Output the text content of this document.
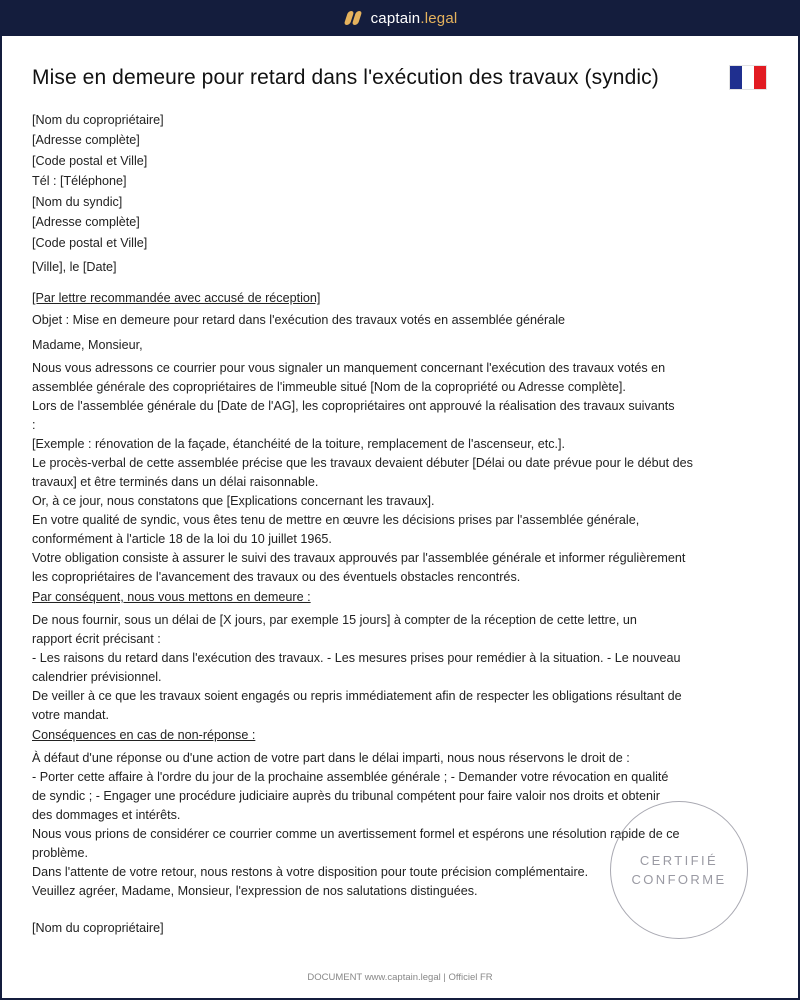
captain.legal
Mise en demeure pour retard dans l'exécution des travaux (syndic)

[Nom du copropriétaire]

[Adresse complète]

[Code postal et Ville]

Tél : [Téléphone]

[Nom du syndic]

[Adresse complète]

[Code postal et Ville]

[Ville], le [Date]

[Par lettre recommandée avec accusé de réception]

Objet : Mise en demeure pour retard dans l'exécution des travaux votés en assemblée générale

Madame, Monsieur,

Nous vous adressons ce courrier pour vous signaler un manquement concernant l'exécution des travaux votés en

assemblée générale des copropriétaires de l'immeuble situé [Nom de la copropriété ou Adresse complète].

Lors de l'assemblée générale du [Date de l'AG], les copropriétaires ont approuvé la réalisation des travaux suivants

:

[Exemple : rénovation de la façade, étanchéité de la toiture, remplacement de l'ascenseur, etc.].

Le procès-verbal de cette assemblée précise que les travaux devaient débuter [Délai ou date prévue pour le début des

travaux] et être terminés dans un délai raisonnable.

Or, à ce jour, nous constatons que [Explications concernant les travaux].

En votre qualité de syndic, vous êtes tenu de mettre en œuvre les décisions prises par l'assemblée générale,

conformément à l'article 18 de la loi du 10 juillet 1965.

Votre obligation consiste à assurer le suivi des travaux approuvés par l'assemblée générale et informer régulièrement

les copropriétaires de l'avancement des travaux ou des éventuels obstacles rencontrés.

Par conséquent, nous vous mettons en demeure :

De nous fournir, sous un délai de [X jours, par exemple 15 jours] à compter de la réception de cette lettre, un

rapport écrit précisant :

- Les raisons du retard dans l'exécution des travaux. - Les mesures prises pour remédier à la situation. - Le nouveau

calendrier prévisionnel.

De veiller à ce que les travaux soient engagés ou repris immédiatement afin de respecter les obligations résultant de

votre mandat.

Conséquences en cas de non-réponse :

À défaut d'une réponse ou d'une action de votre part dans le délai imparti, nous nous réservons le droit de :

- Porter cette affaire à l'ordre du jour de la prochaine assemblée générale ; - Demander votre révocation en qualité

de syndic ; - Engager une procédure judiciaire auprès du tribunal compétent pour faire valoir nos droits et obtenir

des dommages et intérêts.

Nous vous prions de considérer ce courrier comme un avertissement formel et espérons une résolution rapide de ce

problème.

Dans l'attente de votre retour, nous restons à votre disposition pour toute précision complémentaire.

Veuillez agréer, Madame, Monsieur, l'expression de nos salutations distinguées.

[Nom du copropriétaire]

CERTIFIÉ
CONFORME
DOCUMENT www.captain.legal | Officiel FR
